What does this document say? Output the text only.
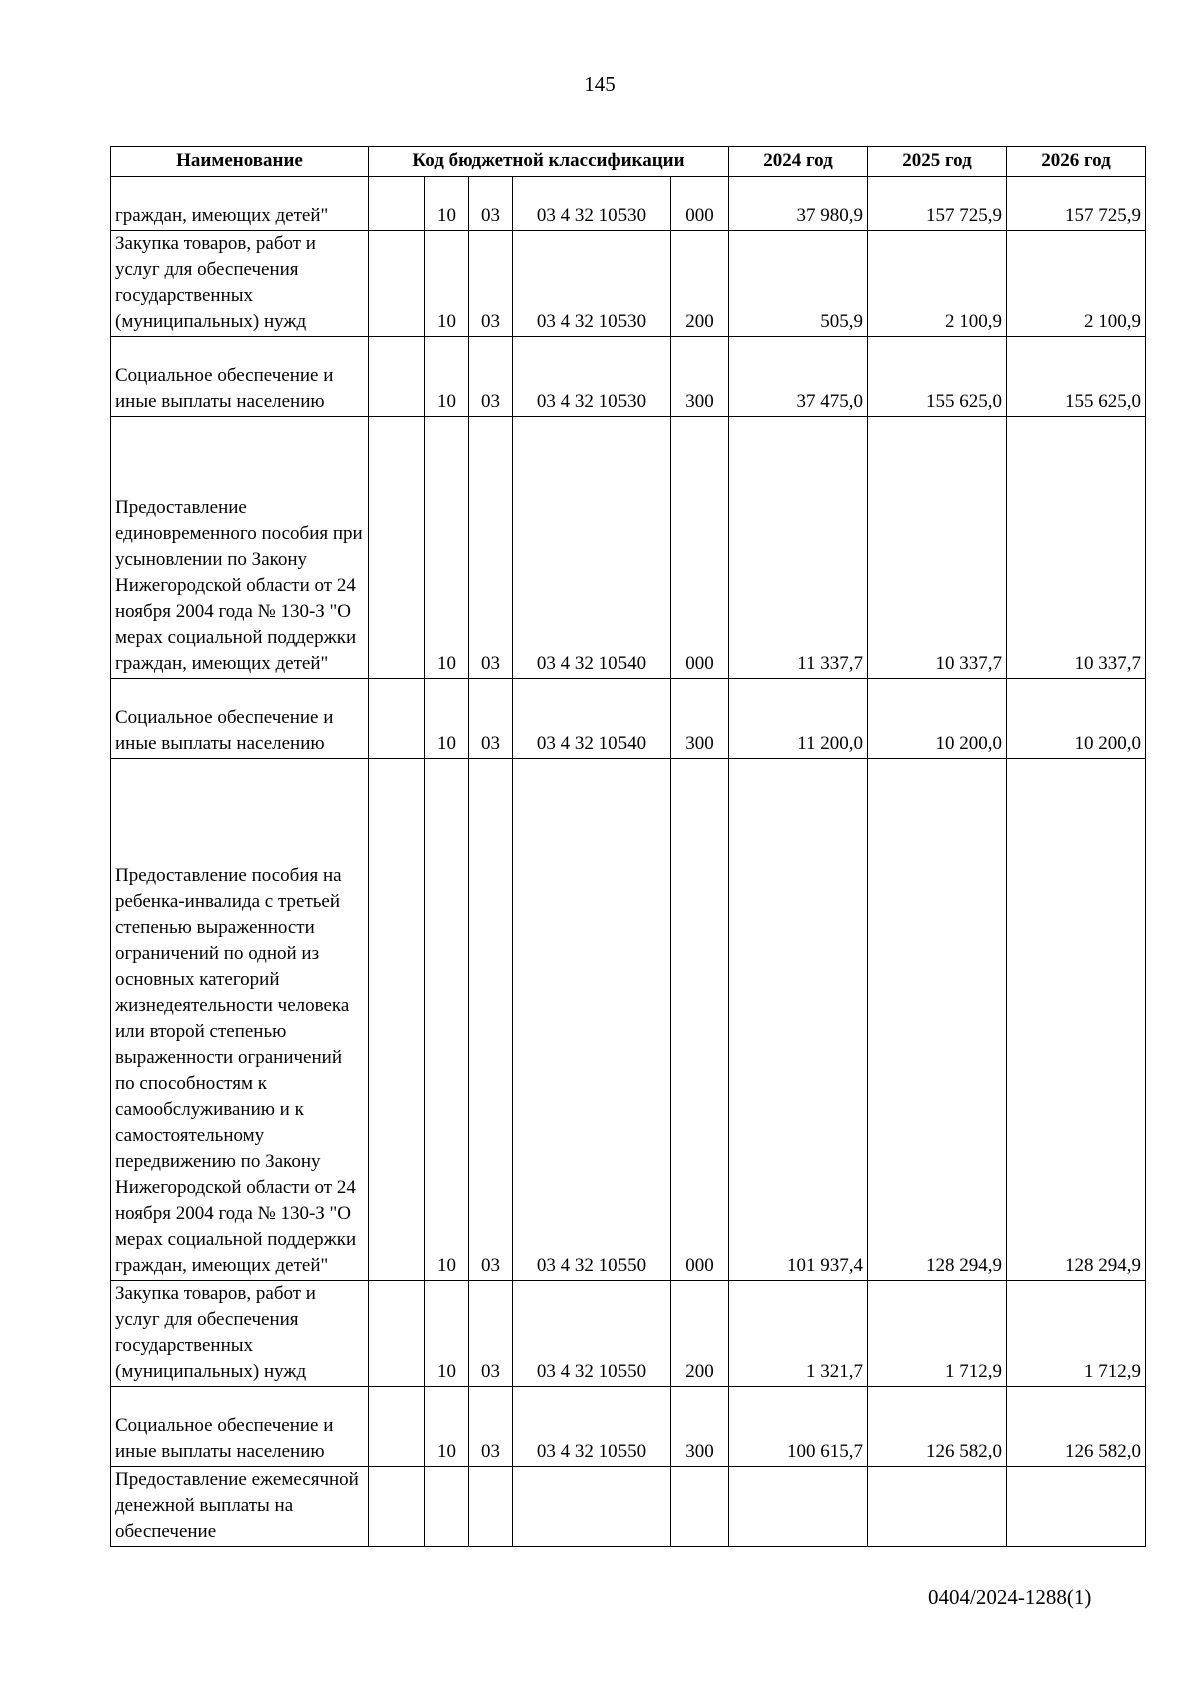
145
Наименование	Код бюджетной классификации					2024 год	2025 год	2026 год
граждан, имеющих детей"		10	03	03 4 32 10530	000	37 980,9	157 725,9	157 725,9
Закупка товаров, работ и услуг для обеспечения государственных (муниципальных) нужд		10	03	03 4 32 10530	200	505,9	2 100,9	2 100,9
Социальное обеспечение и иные выплаты населению		10	03	03 4 32 10530	300	37 475,0	155 625,0	155 625,0
Предоставление единовременного пособия при усыновлении по Закону Нижегородской области от 24 ноября 2004 года № 130-З "О мерах социальной поддержки граждан, имеющих детей"		10	03	03 4 32 10540	000	11 337,7	10 337,7	10 337,7
Социальное обеспечение и иные выплаты населению		10	03	03 4 32 10540	300	11 200,0	10 200,0	10 200,0
Предоставление пособия на ребенка-инвалида с третьей степенью выраженности ограничений по одной из основных категорий жизнедеятельности человека или второй степенью выраженности ограничений по способностям к самообслуживанию и к самостоятельному передвижению по Закону Нижегородской области от 24 ноября 2004 года № 130-З "О мерах социальной поддержки граждан, имеющих детей"		10	03	03 4 32 10550	000	101 937,4	128 294,9	128 294,9
Закупка товаров, работ и услуг для обеспечения государственных (муниципальных) нужд		10	03	03 4 32 10550	200	1 321,7	1 712,9	1 712,9
Социальное обеспечение и иные выплаты населению		10	03	03 4 32 10550	300	100 615,7	126 582,0	126 582,0
Предоставление ежемесячной денежной выплаты на обеспечение								
0404/2024-1288(1)
